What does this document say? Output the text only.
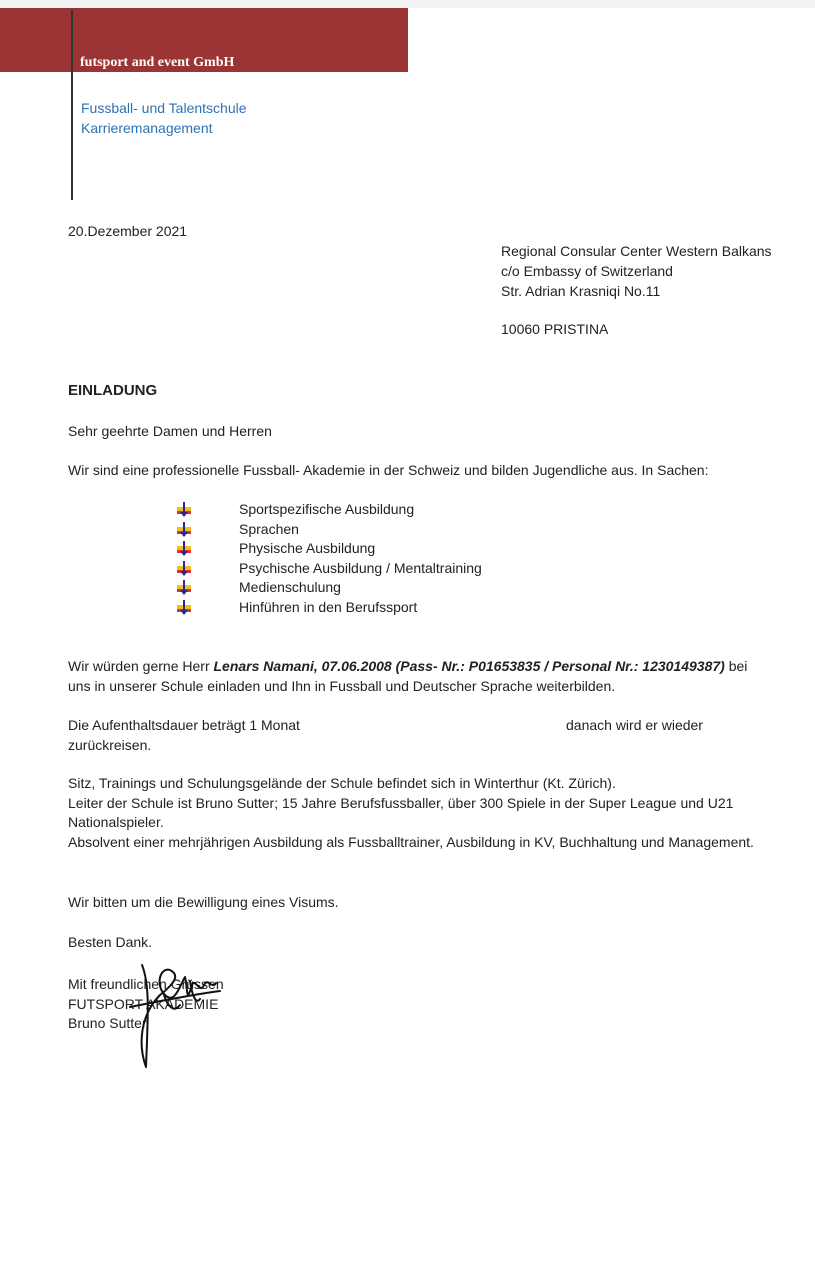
futsport and event GmbH
Fussball- und Talentschule
Karrieremanagement
20.Dezember 2021
Regional Consular Center Western Balkans
c/o Embassy of Switzerland
Str. Adrian Krasniqi No.11
10060 PRISTINA
EINLADUNG
Sehr geehrte Damen und Herren
Wir sind eine professionelle Fussball- Akademie in der Schweiz und bilden Jugendliche aus. In Sachen:
Sportspezifische Ausbildung
Sprachen
Physische Ausbildung
Psychische Ausbildung / Mentaltraining
Medienschulung
Hinführen in den Berufssport
Wir würden gerne Herr Lenars Namani, 07.06.2008 (Pass- Nr.: P01653835 / Personal Nr.: 1230149387) bei
uns in unserer Schule einladen und Ihn in Fussball und Deutscher Sprache weiterbilden.
Die Aufenthaltsdauer beträgt 1 Monat	danach wird er wieder
zurückreisen.
Sitz, Trainings und Schulungsgelände der Schule befindet sich in Winterthur (Kt. Zürich).
Leiter der Schule ist Bruno Sutter; 15 Jahre Berufsfussballer, über 300 Spiele in der Super League und U21
Nationalspieler.
Absolvent einer mehrjährigen Ausbildung als Fussballtrainer, Ausbildung in KV, Buchhaltung und Management.
Wir bitten um die Bewilligung eines Visums.
Besten Dank.
Mit freundlichen Grüssen
FUTSPORT AKADEMIE
Bruno Sutter
